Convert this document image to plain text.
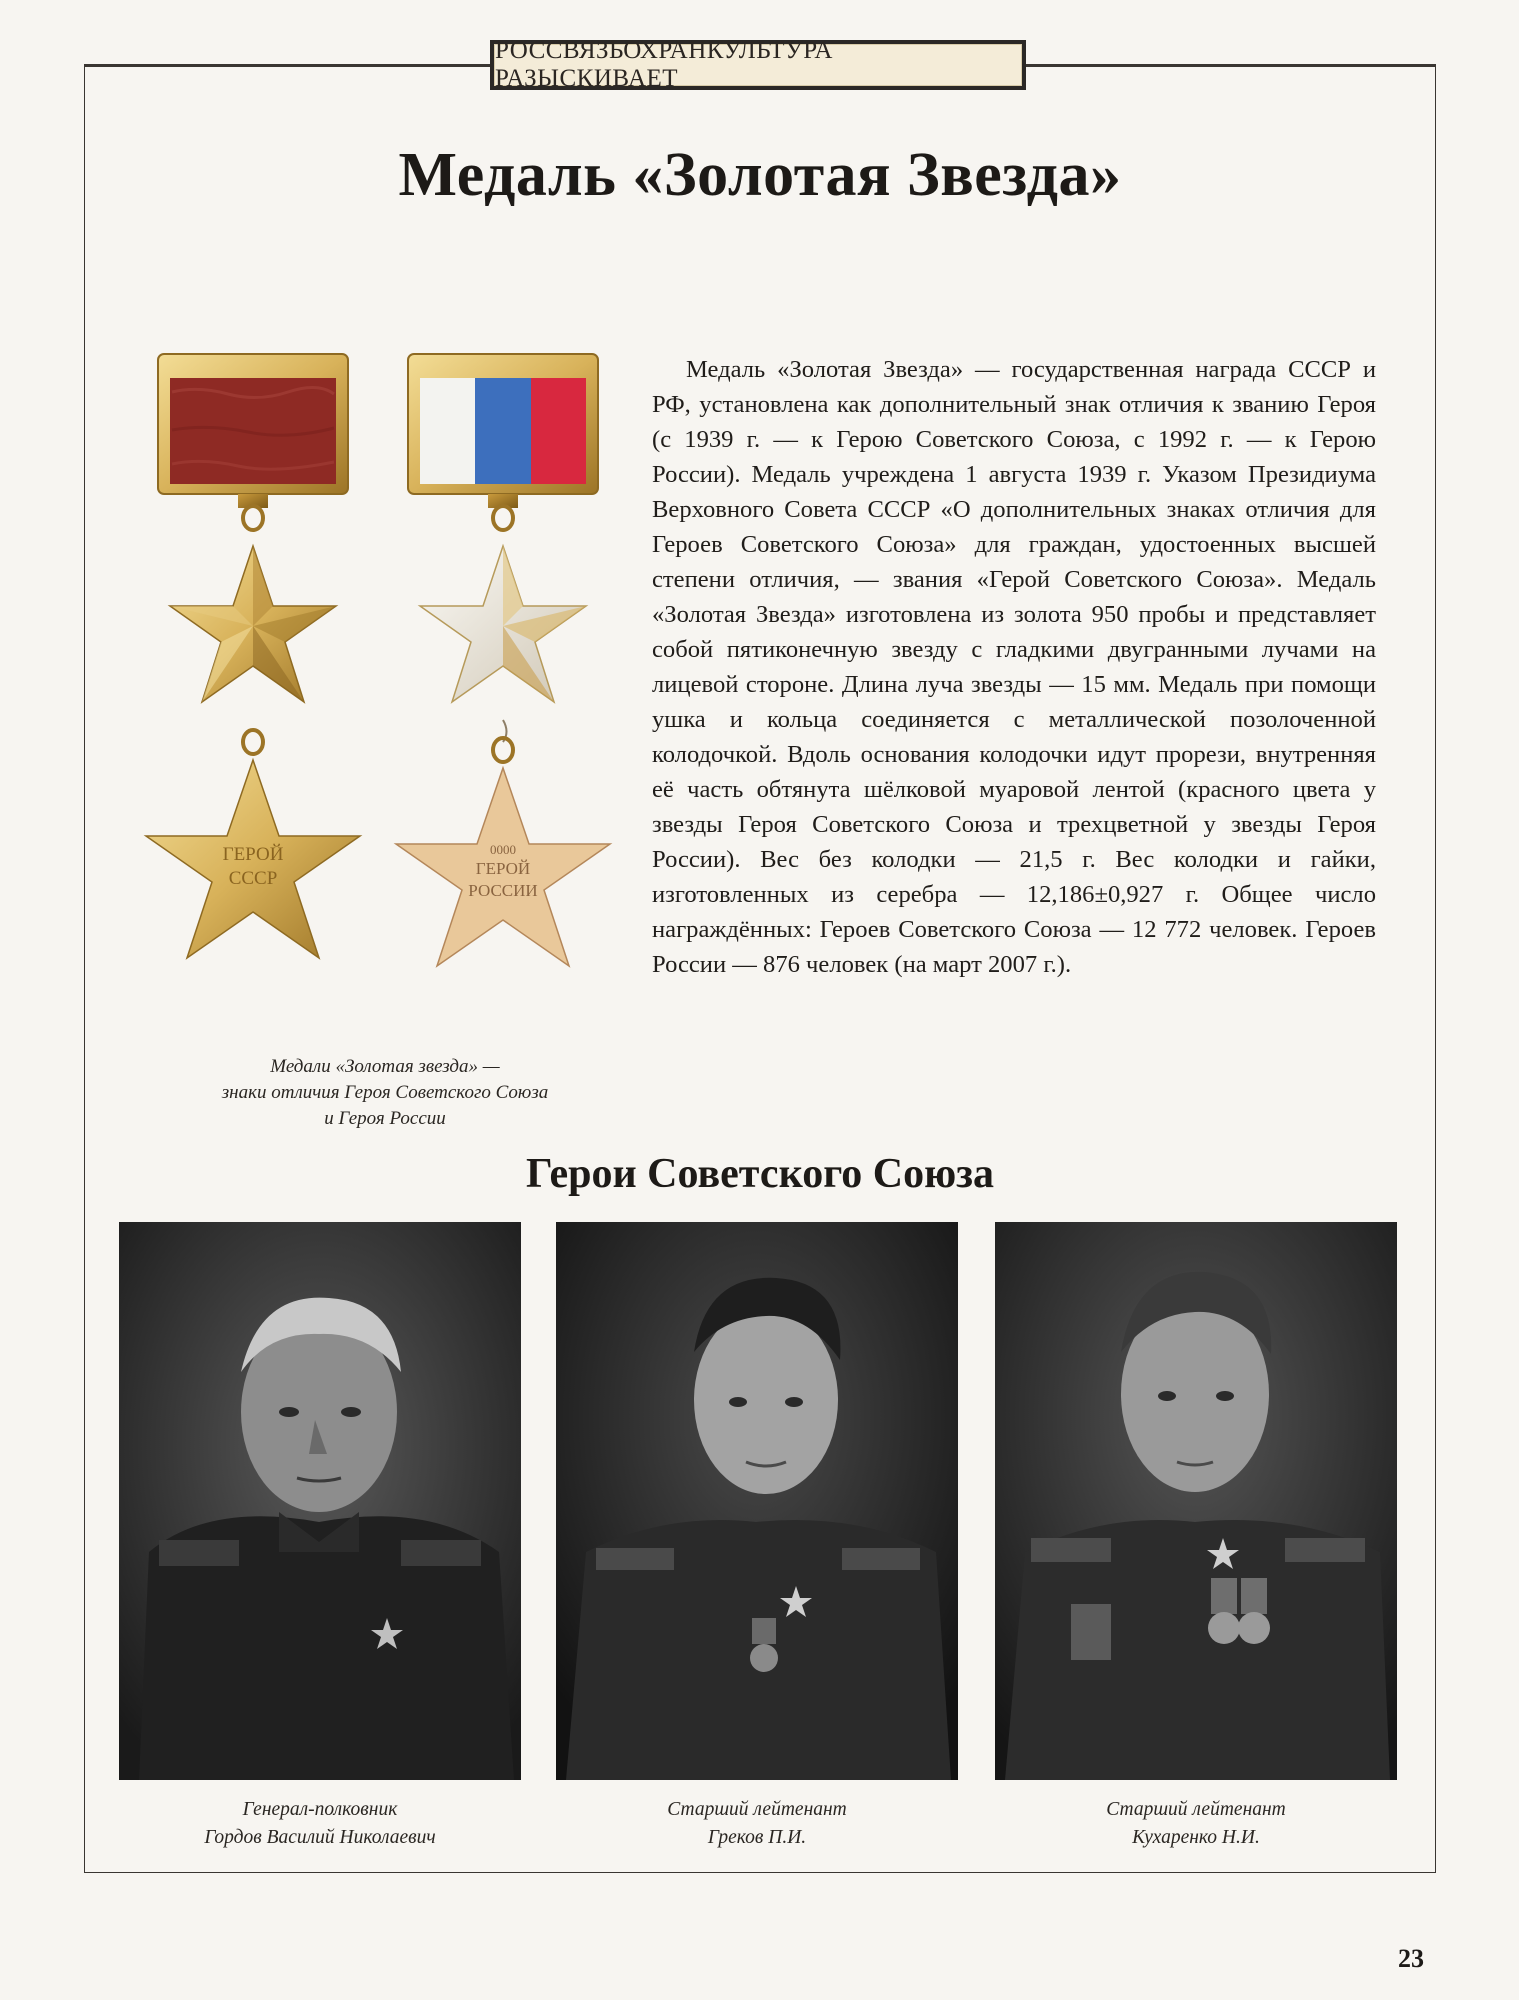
РОССВЯЗЬОХРАНКУЛЬТУРА РАЗЫСКИВАЕТ
Медаль «Золотая Звезда»
ГЕРОЙ
СССР
0000
ГЕРОЙ
РОССИИ
Медали «Золотая звезда» —
знаки отличия Героя Советского Союза
и Героя России

Медаль «Золотая Звезда» — государственная награда СССР и РФ, установлена как дополнительный знак отличия к званию Героя (с 1939 г. — к Герою Советского Союза, с 1992 г. — к Герою России). Медаль учреждена 1 августа 1939 г. Указом Президиума Верховного Совета СССР «О дополнительных знаках отличия для Героев Советского Союза» для граждан, удостоенных высшей степени отличия, — звания «Герой Советского Союза». Медаль «Золотая Звезда» изготовлена из золота 950 пробы и представляет собой пятиконечную звезду с гладкими двугранными лучами на лицевой стороне. Длина луча звезды — 15 мм. Медаль при помощи ушка и кольца соединяется с металлической позолоченной колодочкой. Вдоль основания колодочки идут прорези, внутренняя её часть обтянута шёлковой муаровой лентой (красного цвета у звезды Героя Советского Союза и трехцветной у звезды Героя России). Вес без колодки — 21,5 г. Вес колодки и гайки, изготовленных из серебра — 12,186±0,927 г. Общее число награждённых: Героев Советского Союза — 12 772 человек. Героев России — 876 человек (на март 2007 г.).

Герои Советского Союза
Генерал-полковник
Гордов Василий Николаевич
Старший лейтенант
Греков П.И.
Старший лейтенант
Кухаренко Н.И.
23
